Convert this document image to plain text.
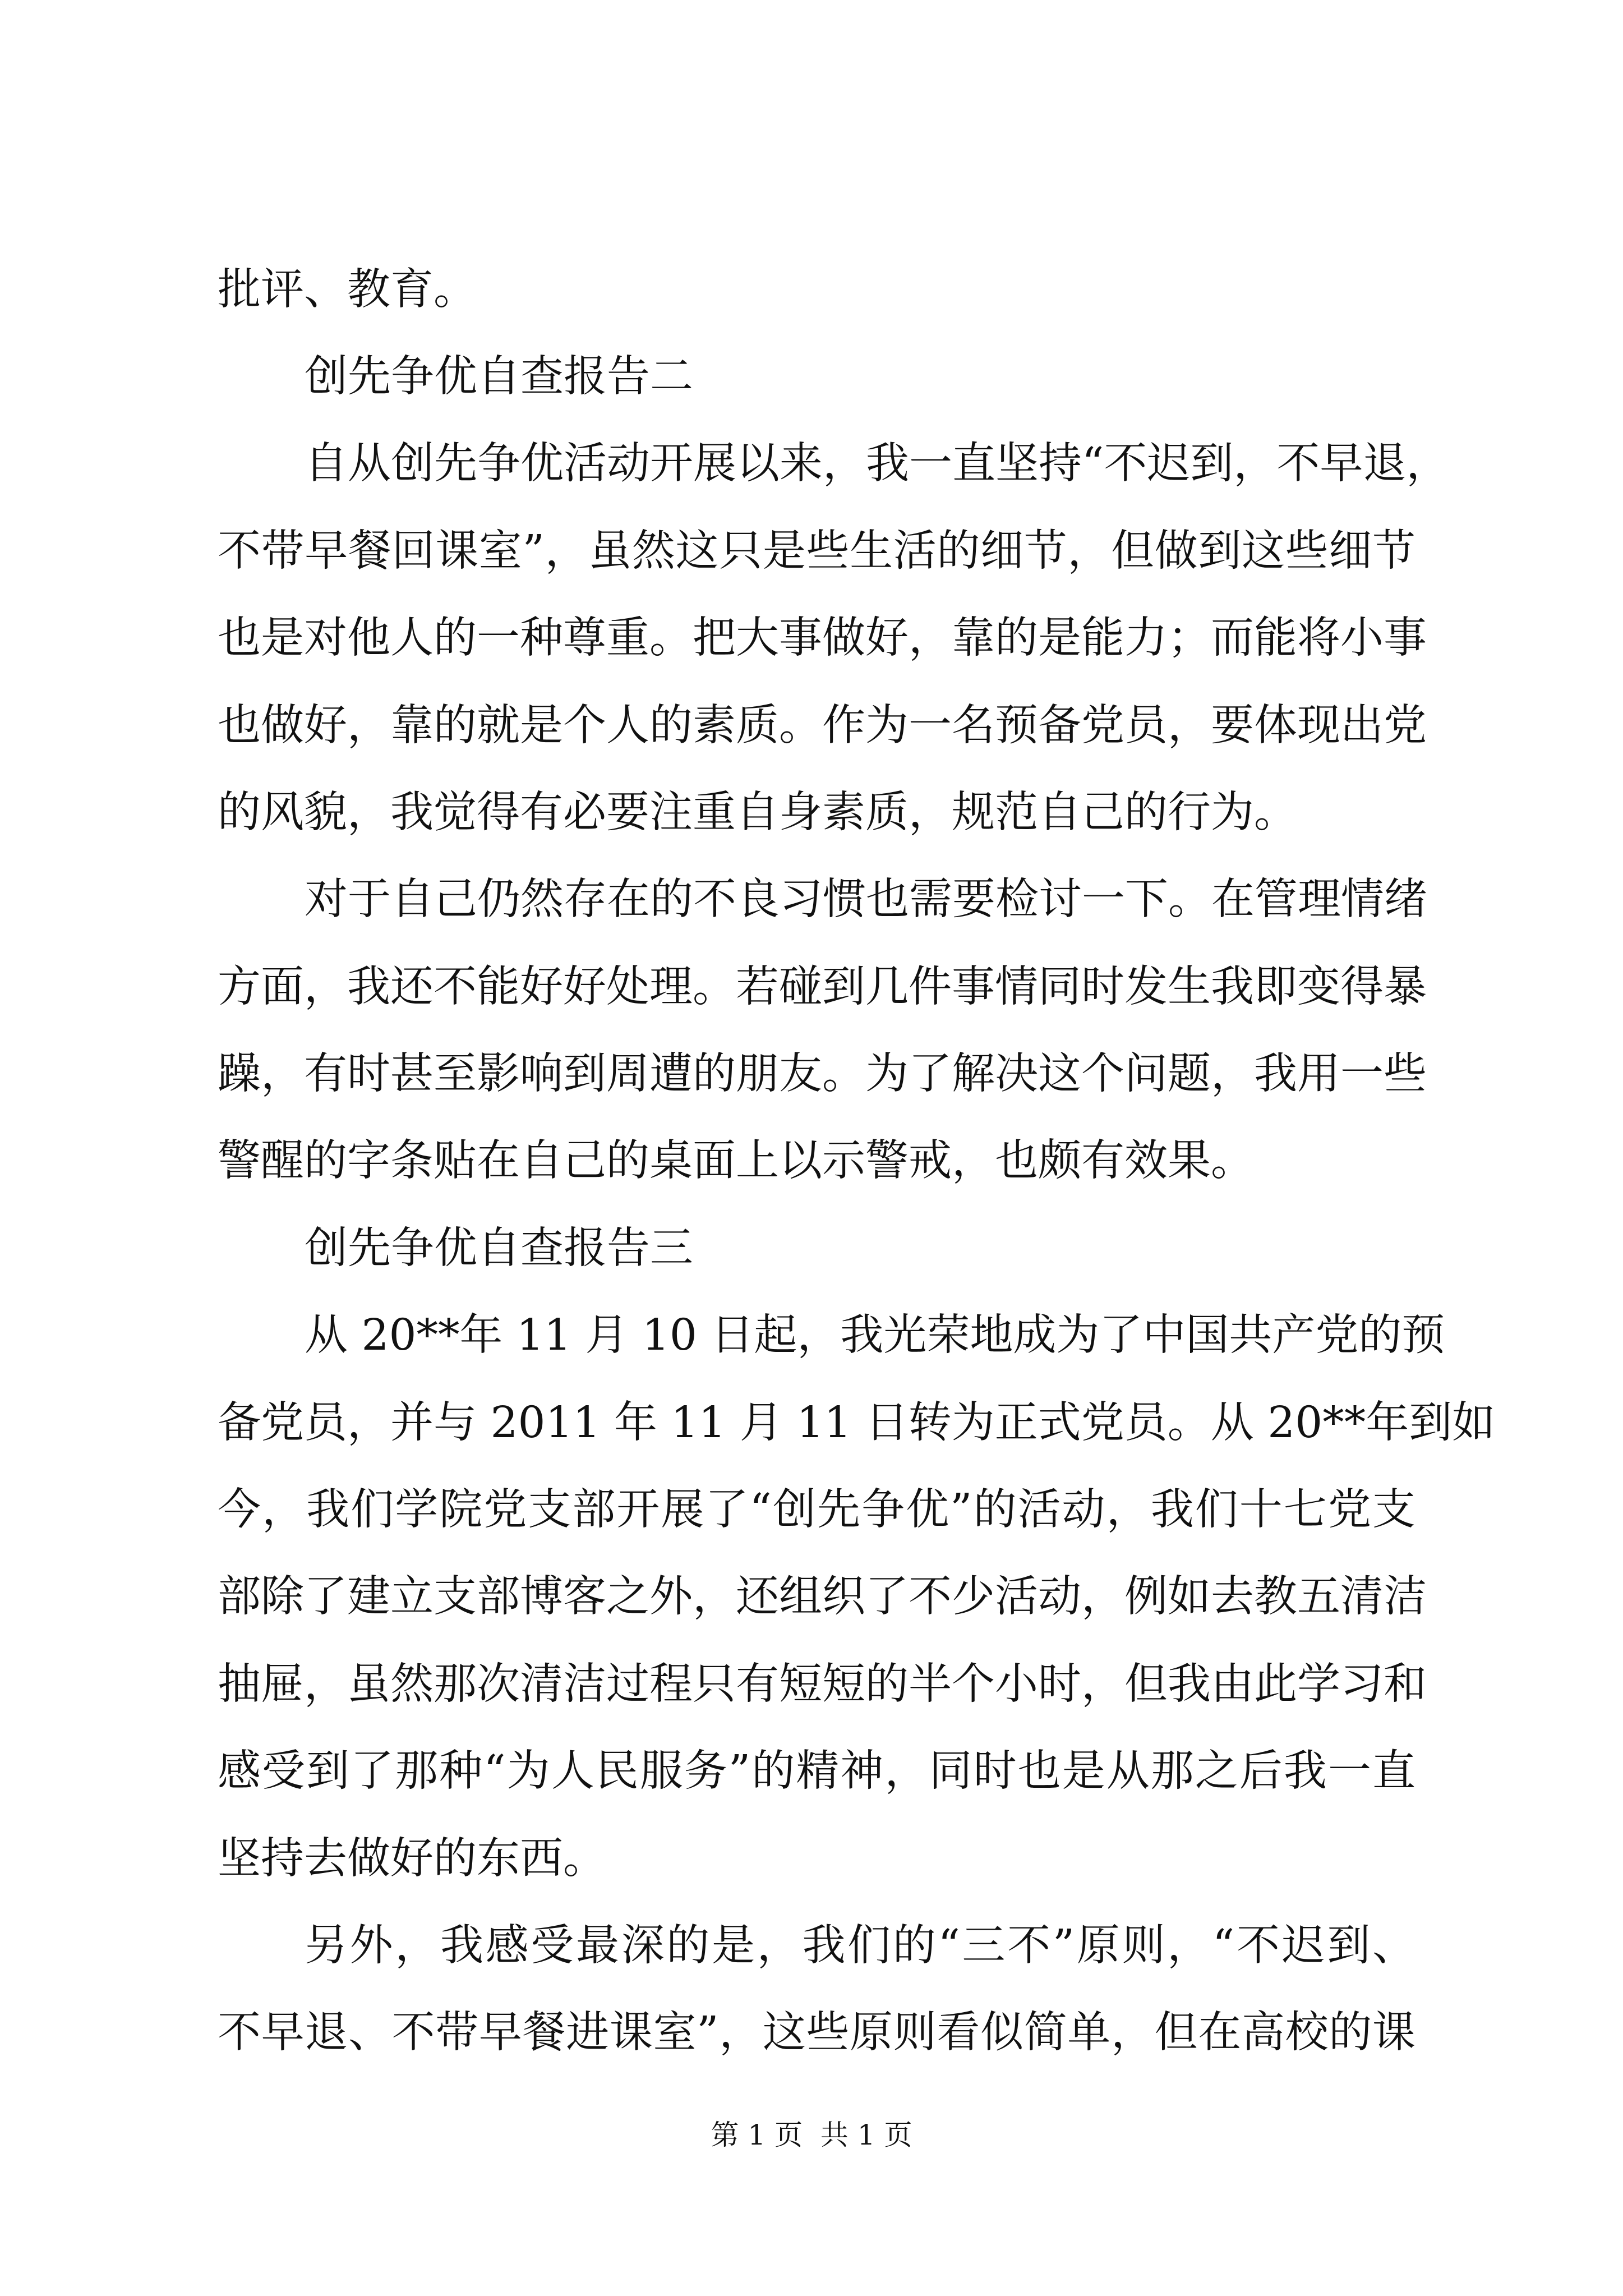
批评、教育。
创先争优自查报告二
自从创先争优活动开展以来，我一直坚持“不迟到，不早退，
不带早餐回课室”，虽然这只是些生活的细节，但做到这些细节
也是对他人的一种尊重。把大事做好，靠的是能力；而能将小事
也做好，靠的就是个人的素质。作为一名预备党员，要体现出党
的风貌，我觉得有必要注重自身素质，规范自己的行为。
对于自己仍然存在的不良习惯也需要检讨一下。在管理情绪
方面，我还不能好好处理。若碰到几件事情同时发生我即变得暴
躁，有时甚至影响到周遭的朋友。为了解决这个问题，我用一些
警醒的字条贴在自己的桌面上以示警戒，也颇有效果。
创先争优自查报告三
从 20**年 11 月 10 日起，我光荣地成为了中国共产党的预
备党员，并与 2011 年 11 月 11 日转为正式党员。从 20**年到如
今，我们学院党支部开展了“创先争优”的活动，我们十七党支
部除了建立支部博客之外，还组织了不少活动，例如去教五清洁
抽屉，虽然那次清洁过程只有短短的半个小时，但我由此学习和
感受到了那种“为人民服务”的精神，同时也是从那之后我一直
坚持去做好的东西。
另外，我感受最深的是，我们的“三不”原则，“不迟到、
不早退、不带早餐进课室”，这些原则看似简单，但在高校的课
第 1 页  共 1 页
